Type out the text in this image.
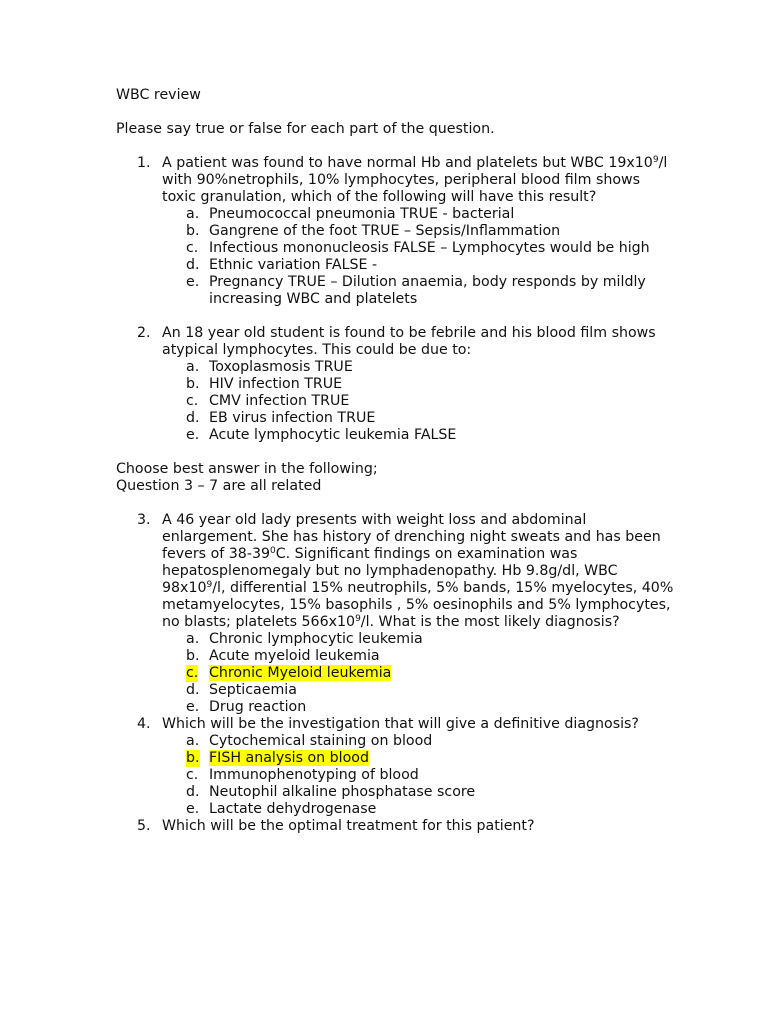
WBC review

Please say true or false for each part of the question.

1. A patient was found to have normal Hb and platelets but WBC $19x10^9/l$ with 90%netrophils, 10% lymphocytes, peripheral blood film shows toxic granulation, which of the following will have this result?

a. Pneumococcal pneumonia TRUE - bacterial
b. Gangrene of the foot TRUE – Sepsis/Inflammation
c. Infectious mononucleosis FALSE – Lymphocytes would be high
d. Ethnic variation FALSE -
e. Pregnancy TRUE – Dilution anaemia, body responds by mildly increasing WBC and platelets
2. An 18 year old student is found to be febrile and his blood film shows atypical lymphocytes. This could be due to:

a. Toxoplasmosis TRUE
b. HIV infection TRUE
c. CMV infection TRUE
d. EB virus infection TRUE
e. Acute lymphocytic leukemia FALSE

Choose best answer in the following;

Question 3 – 7 are all related

3. A 46 year old lady presents with weight loss and abdominal enlargement. She has history of drenching night sweats and has been fevers of $38-39^0C$. Significant findings on examination was hepatosplenomegaly but no lymphadenopathy. Hb 9.8g/dl, WBC $98x10^9/l$, differential 15% neutrophils, 5% bands, 15% myelocytes, 40% metamyelocytes, 15% basophils , 5% oesinophils and 5% lymphocytes, no blasts; platelets $566x10^9/l$. What is the most likely diagnosis?

a. Chronic lymphocytic leukemia
b. Acute myeloid leukemia
c. Chronic Myeloid leukemia
d. Septicaemia
e. Drug reaction
4. Which will be the investigation that will give a definitive diagnosis?

a. Cytochemical staining on blood
b. FISH analysis on blood
c. Immunophenotyping of blood
d. Neutophil alkaline phosphatase score
e. Lactate dehydrogenase
5. Which will be the optimal treatment for this patient?
